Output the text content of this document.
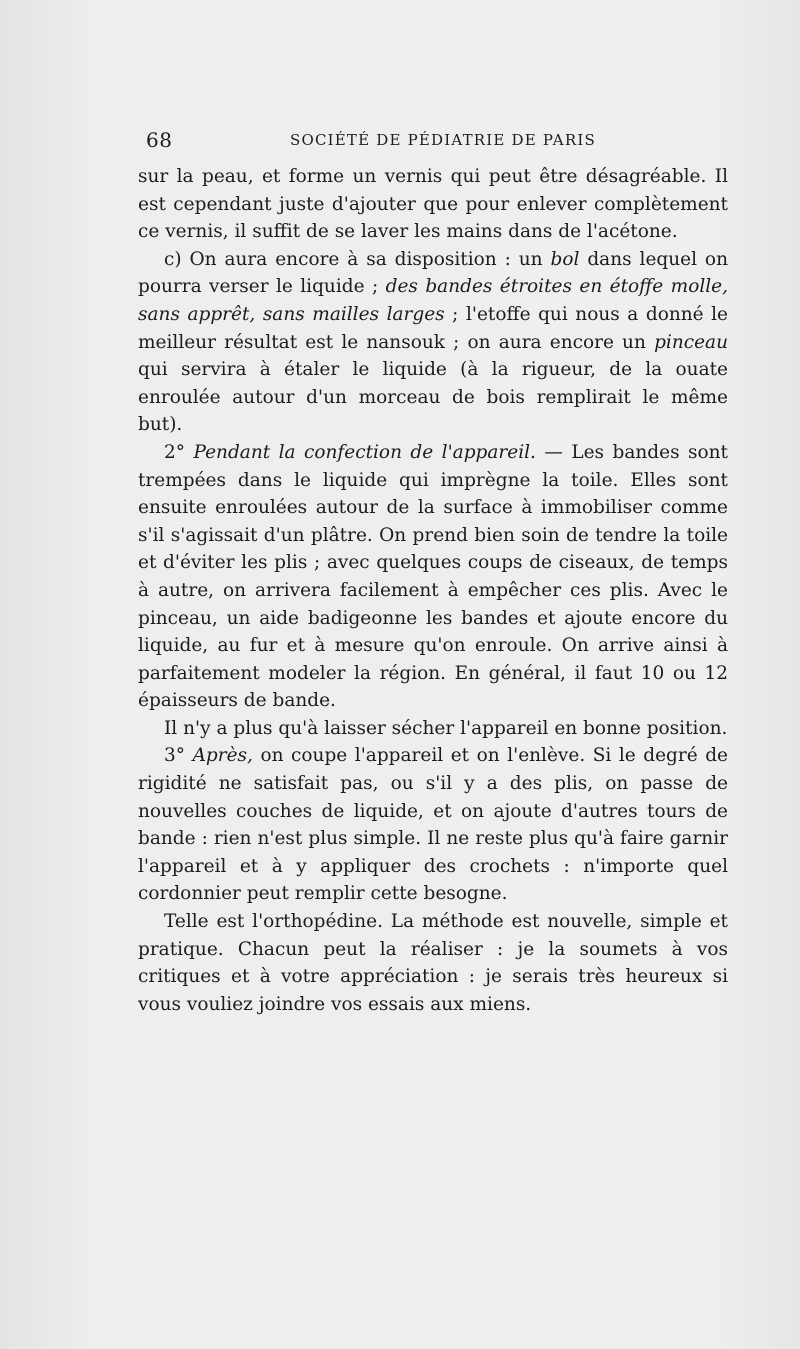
68	SOCIÉTÉ DE PÉDIATRIE DE PARIS

sur la peau, et forme un vernis qui peut être désagréable. Il est cependant juste d'ajouter que pour enlever complètement ce vernis, il suffit de se laver les mains dans de l'acétone.

c) On aura encore à sa disposition : un bol dans lequel on pourra verser le liquide ; des bandes étroites en étoffe molle, sans apprêt, sans mailles larges ; l'etoffe qui nous a donné le meilleur résultat est le nansouk ; on aura encore un pinceau qui servira à étaler le liquide (à la rigueur, de la ouate enroulée autour d'un morceau de bois remplirait le même but).

2° Pendant la confection de l'appareil. — Les bandes sont trempées dans le liquide qui imprègne la toile. Elles sont ensuite enroulées autour de la surface à immobiliser comme s'il s'agissait d'un plâtre. On prend bien soin de tendre la toile et d'éviter les plis ; avec quelques coups de ciseaux, de temps à autre, on arrivera facilement à empêcher ces plis. Avec le pinceau, un aide badigeonne les bandes et ajoute encore du liquide, au fur et à mesure qu'on enroule. On arrive ainsi à parfaitement modeler la région. En général, il faut 10 ou 12 épaisseurs de bande.

Il n'y a plus qu'à laisser sécher l'appareil en bonne position.

3° Après, on coupe l'appareil et on l'enlève. Si le degré de rigidité ne satisfait pas, ou s'il y a des plis, on passe de nouvelles couches de liquide, et on ajoute d'autres tours de bande : rien n'est plus simple. Il ne reste plus qu'à faire garnir l'appareil et à y appliquer des crochets : n'importe quel cordonnier peut remplir cette besogne.

Telle est l'orthopédine. La méthode est nouvelle, simple et pratique. Chacun peut la réaliser : je la soumets à vos critiques et à votre appréciation : je serais très heureux si vous vouliez joindre vos essais aux miens.
